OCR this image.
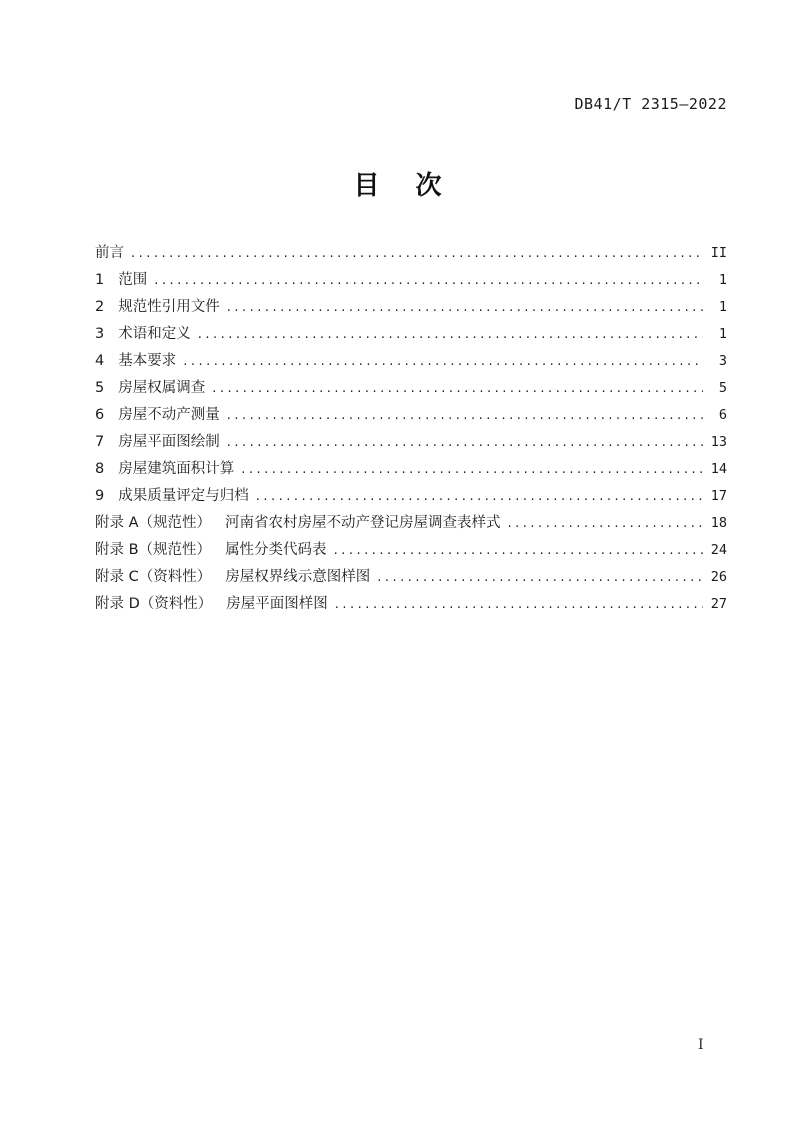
DB41/T 2315—2022
目　次
前言 .....	II
1 范围 .....	1
2 规范性引用文件 .....	1
3 术语和定义 .....	1
4 基本要求 .....	3
5 房屋权属调查 .....	5
6 房屋不动产测量 .....	6
7 房屋平面图绘制 .....	13
8 房屋建筑面积计算 .....	14
9 成果质量评定与归档 .....	17
附录 A（规范性） 河南省农村房屋不动产登记房屋调查表样式 .....	18
附录 B（规范性） 属性分类代码表 .....	24
附录 C（资料性） 房屋权界线示意图样图 .....	26
附录 D（资料性） 房屋平面图样图 .....	27
I
